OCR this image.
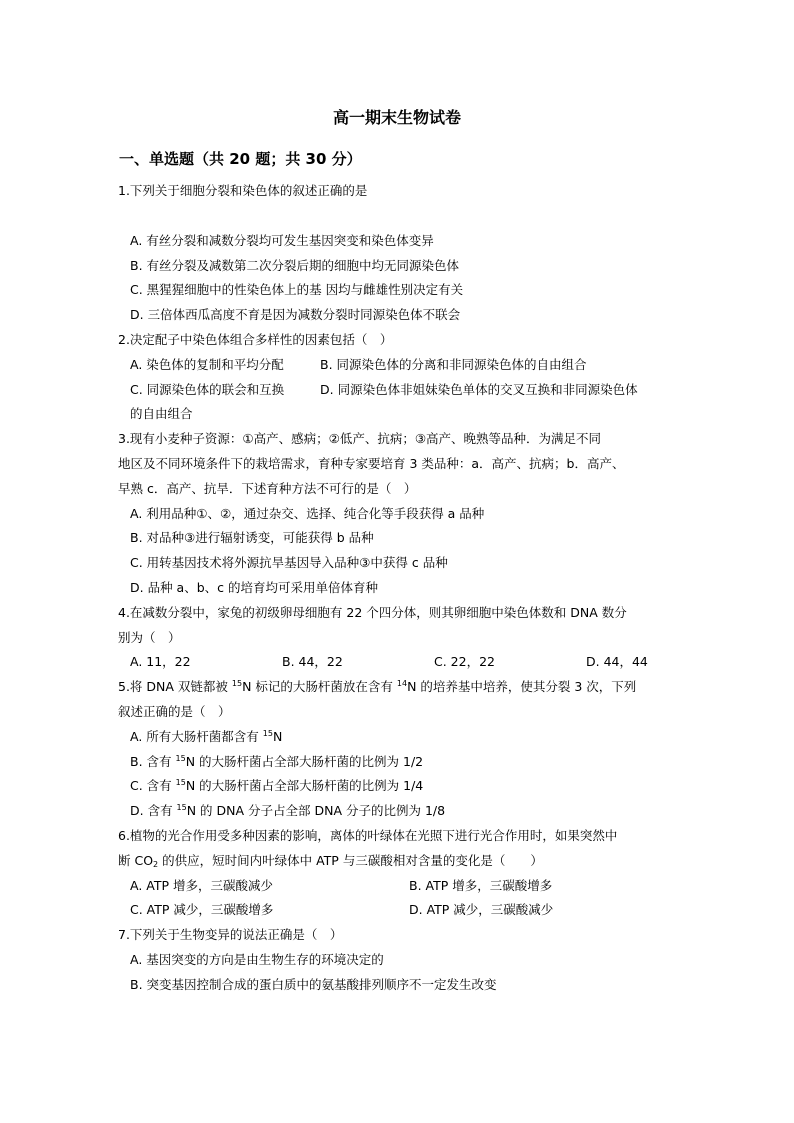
高一期末生物试卷
一、单选题（共 20 题；共 30 分）
1.下列关于细胞分裂和染色体的叙述正确的是
A. 有丝分裂和减数分裂均可发生基因突变和染色体变异
B. 有丝分裂及减数第二次分裂后期的细胞中均无同源染色体
C. 黑猩猩细胞中的性染色体上的基 因均与雌雄性别决定有关
D. 三倍体西瓜高度不育是因为减数分裂时同源染色体不联会
2.决定配子中染色体组合多样性的因素包括（　）
A. 染色体的复制和平均分配	B. 同源染色体的分离和非同源染色体的自由组合
C. 同源染色体的联会和互换	D. 同源染色体非姐妹染色单体的交叉互换和非同源染色体
的自由组合
3.现有小麦种子资源：①高产、感病；②低产、抗病；③高产、晚熟等品种．为满足不同
地区及不同环境条件下的栽培需求，育种专家要培育 3 类品种：a．高产、抗病；b．高产、
早熟 c．高产、抗旱．下述育种方法不可行的是（　）
A. 利用品种①、②，通过杂交、选择、纯合化等手段获得 a 品种
B. 对品种③进行辐射诱变，可能获得 b 品种
C. 用转基因技术将外源抗旱基因导入品种③中获得 c 品种
D. 品种 a、b、c 的培育均可采用单倍体育种
4.在减数分裂中，家兔的初级卵母细胞有 22 个四分体，则其卵细胞中染色体数和 DNA 数分
别为（　）
A. 11，22	B. 44，22	C. 22，22	D. 44，44
5.将 DNA 双链都被 $^{15}$N 标记的大肠杆菌放在含有 $^{14}$N 的培养基中培养，使其分裂 3 次，下列
叙述正确的是（　）
A. 所有大肠杆菌都含有 $^{15}$N
B. 含有 $^{15}$N 的大肠杆菌占全部大肠杆菌的比例为 1/2
C. 含有 $^{15}$N 的大肠杆菌占全部大肠杆菌的比例为 1/4
D. 含有 $^{15}$N 的 DNA 分子占全部 DNA 分子的比例为 1/8
6.植物的光合作用受多种因素的影响，离体的叶绿体在光照下进行光合作用时，如果突然中
断 $CO_2$ 的供应，短时间内叶绿体中 ATP 与三碳酸相对含量的变化是（　　）
A. ATP 增多，三碳酸减少	B. ATP 增多，三碳酸增多
C. ATP 减少，三碳酸增多	D. ATP 减少，三碳酸减少
7.下列关于生物变异的说法正确是（　）
A. 基因突变的方向是由生物生存的环境决定的
B. 突变基因控制合成的蛋白质中的氨基酸排列顺序不一定发生改变
